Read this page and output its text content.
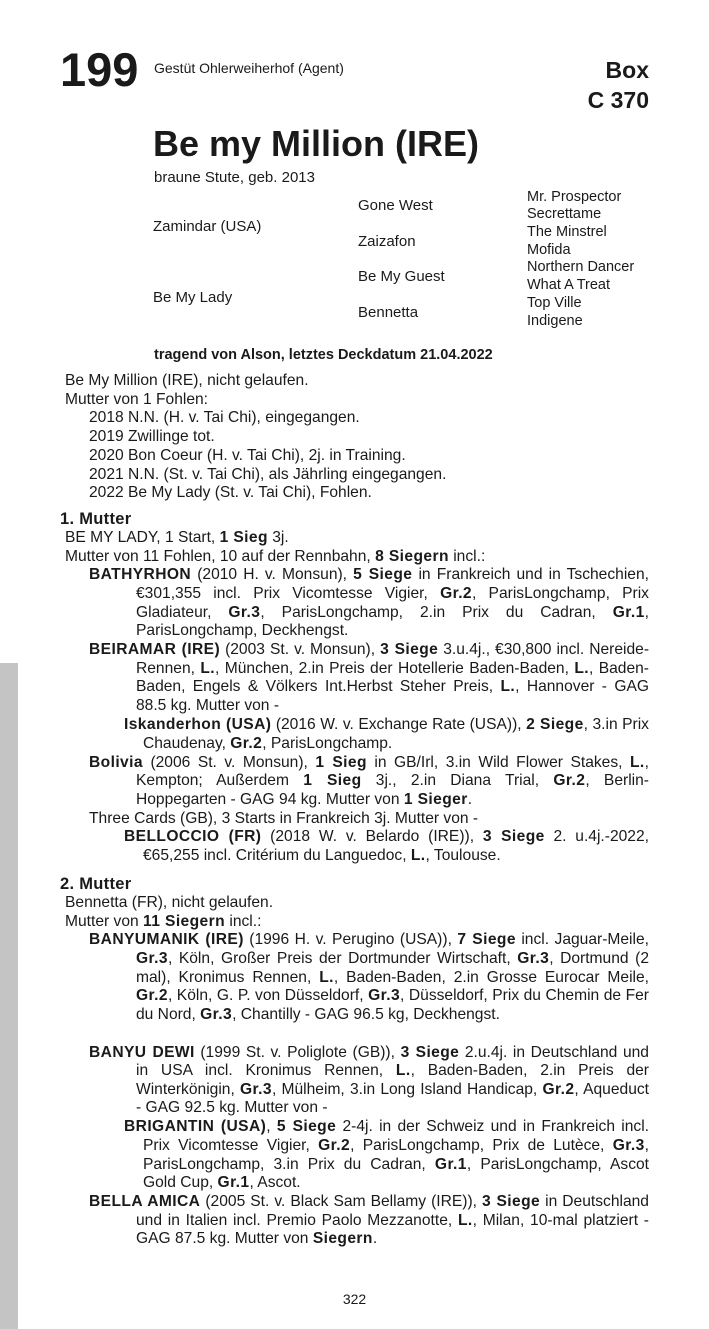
199 Gestüt Ohlerweiherhof (Agent)	Box
C 370
Be my Million (IRE)
braune Stute, geb. 2013
Zamindar (USA)
Be My Lady
Gone West
Zaizafon
Be My Guest
Bennetta
Mr. Prospector
Secrettame
The Minstrel
Mofida
Northern Dancer
What A Treat
Top Ville
Indigene
tragend von Alson, letztes Deckdatum 21.04.2022
Be My Million (IRE), nicht gelaufen.
Mutter von 1 Fohlen:
2018 N.N. (H. v. Tai Chi), eingegangen.
2019 Zwillinge tot.
2020 Bon Coeur (H. v. Tai Chi), 2j. in Training.
2021 N.N. (St. v. Tai Chi), als Jährling eingegangen.
2022 Be My Lady (St. v. Tai Chi), Fohlen.
1. Mutter
BE MY LADY, 1 Start, 1 Sieg 3j.
Mutter von 11 Fohlen, 10 auf der Rennbahn, 8 Siegern incl.:
BATHYRHON (2010 H. v. Monsun), 5 Siege in Frankreich und in Tschechien, €301,355 incl. Prix Vicomtesse Vigier, Gr.2, ParisLongchamp, Prix Gladiateur, Gr.3, ParisLongchamp, 2.in Prix du Cadran, Gr.1, ParisLongchamp, Deckhengst.
BEIRAMAR (IRE) (2003 St. v. Monsun), 3 Siege 3.u.4j., €30,800 incl. Nereide-Rennen, L., München, 2.in Preis der Hotellerie Baden-Baden, L., Baden-Baden, Engels & Völkers Int.Herbst Steher Preis, L., Hannover - GAG 88.5 kg. Mutter von -
Iskanderhon (USA) (2016 W. v. Exchange Rate (USA)), 2 Siege, 3.in Prix Chaudenay, Gr.2, ParisLongchamp.
Bolivia (2006 St. v. Monsun), 1 Sieg in GB/Irl, 3.in Wild Flower Stakes, L., Kempton; Außerdem 1 Sieg 3j., 2.in Diana Trial, Gr.2, Berlin-Hoppegarten - GAG 94 kg. Mutter von 1 Sieger.
Three Cards (GB), 3 Starts in Frankreich 3j. Mutter von -
BELLOCCIO (FR) (2018 W. v. Belardo (IRE)), 3 Siege 2. u.4j.-2022, €65,255 incl. Critérium du Languedoc, L., Toulouse.
2. Mutter
Bennetta (FR), nicht gelaufen.
Mutter von 11 Siegern incl.:
BANYUMANIK (IRE) (1996 H. v. Perugino (USA)), 7 Siege incl. Jaguar-Meile, Gr.3, Köln, Großer Preis der Dortmunder Wirtschaft, Gr.3, Dortmund (2 mal), Kronimus Rennen, L., Baden-Baden, 2.in Grosse Eurocar Meile, Gr.2, Köln, G. P. von Düsseldorf, Gr.3, Düsseldorf, Prix du Chemin de Fer du Nord, Gr.3, Chantilly - GAG 96.5 kg, Deckhengst.
BANYU DEWI (1999 St. v. Poliglote (GB)), 3 Siege 2.u.4j. in Deutschland und in USA incl. Kronimus Rennen, L., Baden-Baden, 2.in Preis der Winterkönigin, Gr.3, Mülheim, 3.in Long Island Handicap, Gr.2, Aqueduct - GAG 92.5 kg. Mutter von -
BRIGANTIN (USA), 5 Siege 2-4j. in der Schweiz und in Frankreich incl. Prix Vicomtesse Vigier, Gr.2, ParisLongchamp, Prix de Lutèce, Gr.3, ParisLongchamp, 3.in Prix du Cadran, Gr.1, ParisLongchamp, Ascot Gold Cup, Gr.1, Ascot.
BELLA AMICA (2005 St. v. Black Sam Bellamy (IRE)), 3 Siege in Deutschland und in Italien incl. Premio Paolo Mezzanotte, L., Milan, 10-mal platziert - GAG 87.5 kg. Mutter von Siegern.
322
